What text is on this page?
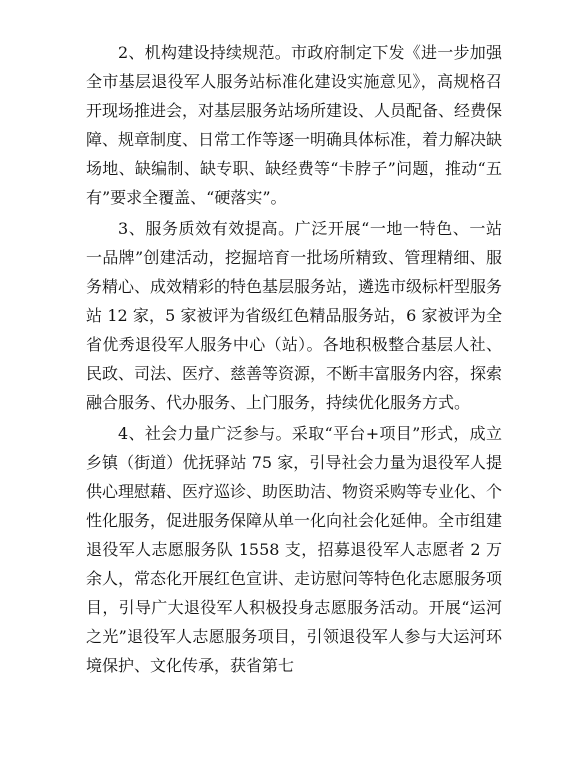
2、机构建设持续规范。市政府制定下发《进一步加强全市基层退役军人服务站标准化建设实施意见》，高规格召开现场推进会，对基层服务站场所建设、人员配备、经费保障、规章制度、日常工作等逐一明确具体标准，着力解决缺场地、缺编制、缺专职、缺经费等“卡脖子”问题，推动“五有”要求全覆盖、“硬落实”。

3、服务质效有效提高。广泛开展“一地一特色、一站一品牌”创建活动，挖掘培育一批场所精致、管理精细、服务精心、成效精彩的特色基层服务站，遴选市级标杆型服务站 12 家，5 家被评为省级红色精品服务站，6 家被评为全省优秀退役军人服务中心（站）。各地积极整合基层人社、民政、司法、医疗、慈善等资源，不断丰富服务内容，探索融合服务、代办服务、上门服务，持续优化服务方式。

4、社会力量广泛参与。采取“平台+项目”形式，成立乡镇（街道）优抚驿站 75 家，引导社会力量为退役军人提供心理慰藉、医疗巡诊、助医助洁、物资采购等专业化、个性化服务，促进服务保障从单一化向社会化延伸。全市组建退役军人志愿服务队 1558 支，招募退役军人志愿者 2 万余人，常态化开展红色宣讲、走访慰问等特色化志愿服务项目，引导广大退役军人积极投身志愿服务活动。开展“运河之光”退役军人志愿服务项目，引领退役军人参与大运河环境保护、文化传承，获省第七
